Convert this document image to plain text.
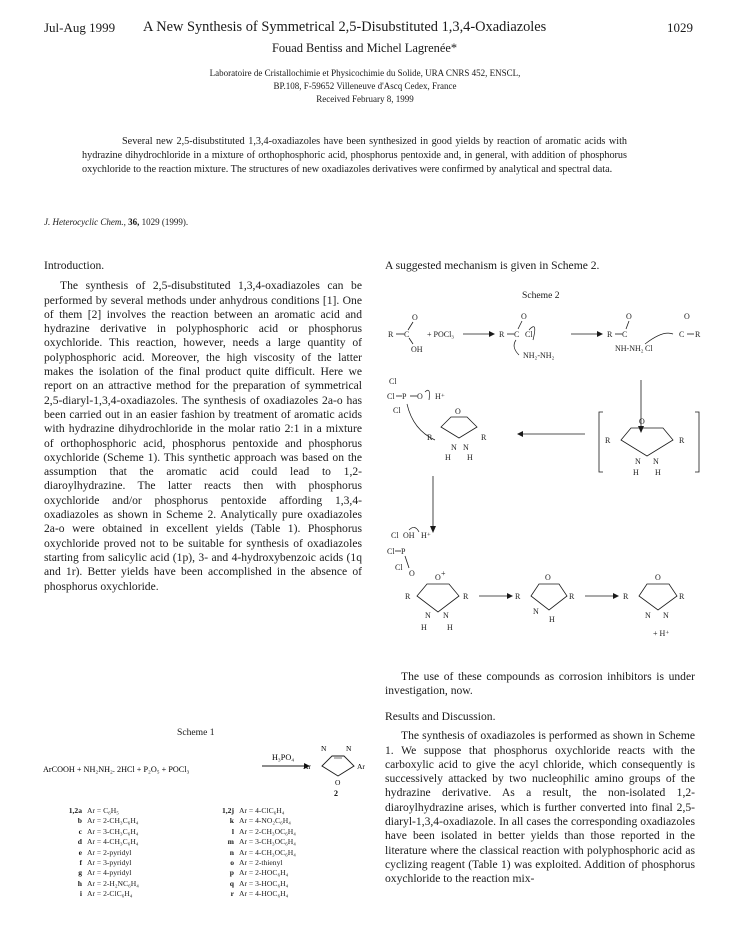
Jul-Aug 1999 A New Synthesis of Symmetrical 2,5-Disubstituted 1,3,4-Oxadiazoles	1029
Fouad Bentiss and Michel Lagrenée*
Laboratoire de Cristallochimie et Physicochimie du Solide, URA CNRS 452, ENSCL,
BP.108, F-59652 Villeneuve d'Ascq Cedex, France
Received February 8, 1999
Several new 2,5-disubstituted 1,3,4-oxadiazoles have been synthesized in good yields by reaction of aromatic acids with hydrazine dihydrochloride in a mixture of orthophosphoric acid, phosphorus pentoxide and, in general, with addition of phosphorus oxychloride to the reaction mixture. The structures of new oxadiazoles derivatives were confirmed by analytical and spectral data.
J. Heterocyclic Chem., 36, 1029 (1999).

Introduction.

The synthesis of 2,5-disubstituted 1,3,4-oxadiazoles can be performed by several methods under anhydrous conditions [1]. One of them [2] involves the reaction between an aromatic acid and hydrazine derivative in polyphosphoric acid or phosphorus oxychloride. This reaction, however, needs a large quantity of polyphosphoric acid. Moreover, the high viscosity of the latter makes the isolation of the final product quite difficult. Here we report on an attractive method for the preparation of symmetrical 2,5-diaryl-1,3,4-oxadiazoles. The synthesis of oxadiazoles 2a-o has been carried out in an easier fashion by treatment of aromatic acids with hydrazine dihydrochloride in the molar ratio 2:1 in a mixture of orthophosphoric acid, phosphorus pentoxide and phosphorus oxychloride (Scheme 1). This synthetic approach was based on the assumption that the aromatic acid could lead to 1,2-diaroylhydrazine. The latter reacts then with phosphorus oxychloride and/or phosphorus pentoxide affording 1,3,4-oxadiazoles as shown in Scheme 2. Analytically pure oxadiazoles 2a-o were obtained in excellent yields (Table 1). Phosphorus oxychloride proved not to be suitable for synthesis of oxadiazoles starting from salicylic acid (1p), 3- and 4-hydroxybenzoic acids (1q and 1r). Better yields have been accomplished in the absence of phosphorus oxychloride.

Scheme 1
ArCOOH + NH₂NH₂. 2HCl + P₂O₅ + POCl₃
H₃PO₄
N	N
O
Ar	Ar
2
1,2a Ar = C₆H₅
b Ar = 2-CH₃C₆H₄
c Ar = 3-CH₃C₆H₄
d Ar = 4-CH₃C₆H₄
e Ar = 2-pyridyl
f Ar = 3-pyridyl
g Ar = 4-pyridyl
h Ar = 2-H₂NC₆H₄
i Ar = 2-ClC₆H₄
1,2j Ar = 4-ClC₆H₄
k Ar = 4-NO₂C₆H₄
l Ar = 2-CH₃OC₆H₄
m Ar = 3-CH₃OC₆H₄
n Ar = 4-CH₃OC₆H₄
o Ar = 2-thienyl
p Ar = 2-HOC₆H₄
q Ar = 3-HOC₆H₄
r Ar = 4-HOC₆H₄
A suggested mechanism is given in Scheme 2.
Scheme 2
R C
O
OH
+ POCl₃	R C
O
Cl
NH₂-NH₂
R C
O
NH-NH₂ Cl
C
O
R
Cl
Cl P
Cl
O H⁺
R
O
R
H H
N N
R
O
R
N N
H H
Cl OH H⁺
Cl P
Cl
O
R
O +
R
N N
H	H
R
O
R
N
H
R
O
R
N N
+ H⁺

The use of these compounds as corrosion inhibitors is under investigation, now.

Results and Discussion.

The synthesis of oxadiazoles is performed as shown in Scheme 1. We suppose that phosphorus oxychloride reacts with the carboxylic acid to give the acyl chloride, which consequently is successively attacked by two nucleophilic amino groups of the hydrazine derivative. As a result, the non-isolated 1,2-diaroylhydrazine arises, which is further converted into final 2,5-diaryl-1,3,4-oxadiazole. In all cases the corresponding oxadiazoles have been isolated in better yields than those reported in the literature where the classical reaction with polyphosphoric acid as cyclizing reagent (Table 1) was exploited. Addition of phosphorus oxychloride to the reaction mix-
